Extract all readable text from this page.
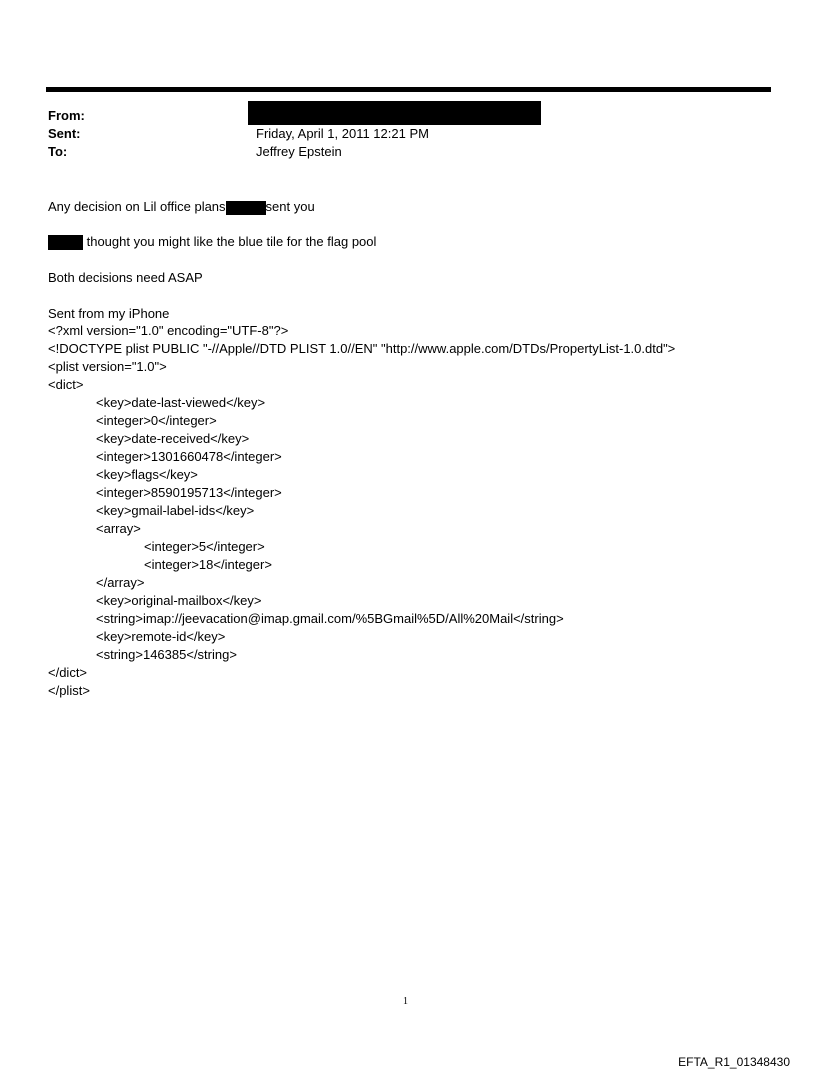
From:
Sent:	Friday, April 1, 2011 12:21 PM
To:	Jeffrey Epstein
Any decision on Lil office plans	sent you
thought you might like the blue tile for the flag pool
Both decisions need ASAP
Sent from my iPhone
<?xml version="1.0" encoding="UTF-8"?>
<!DOCTYPE plist PUBLIC "-//Apple//DTD PLIST 1.0//EN" "http://www.apple.com/DTDs/PropertyList-1.0.dtd">
<plist version="1.0">
<dict>
<key>date-last-viewed</key>
<integer>0</integer>
<key>date-received</key>
<integer>1301660478</integer>
<key>flags</key>
<integer>8590195713</integer>
<key>gmail-label-ids</key>
<array>
<integer>5</integer>
<integer>18</integer>
</array>
<key>original-mailbox</key>
<string>imap://jeevacation@imap.gmail.com/%5BGmail%5D/All%20Mail</string>
<key>remote-id</key>
<string>146385</string>
</dict>
</plist>
1
EFTA_R1_01348430
